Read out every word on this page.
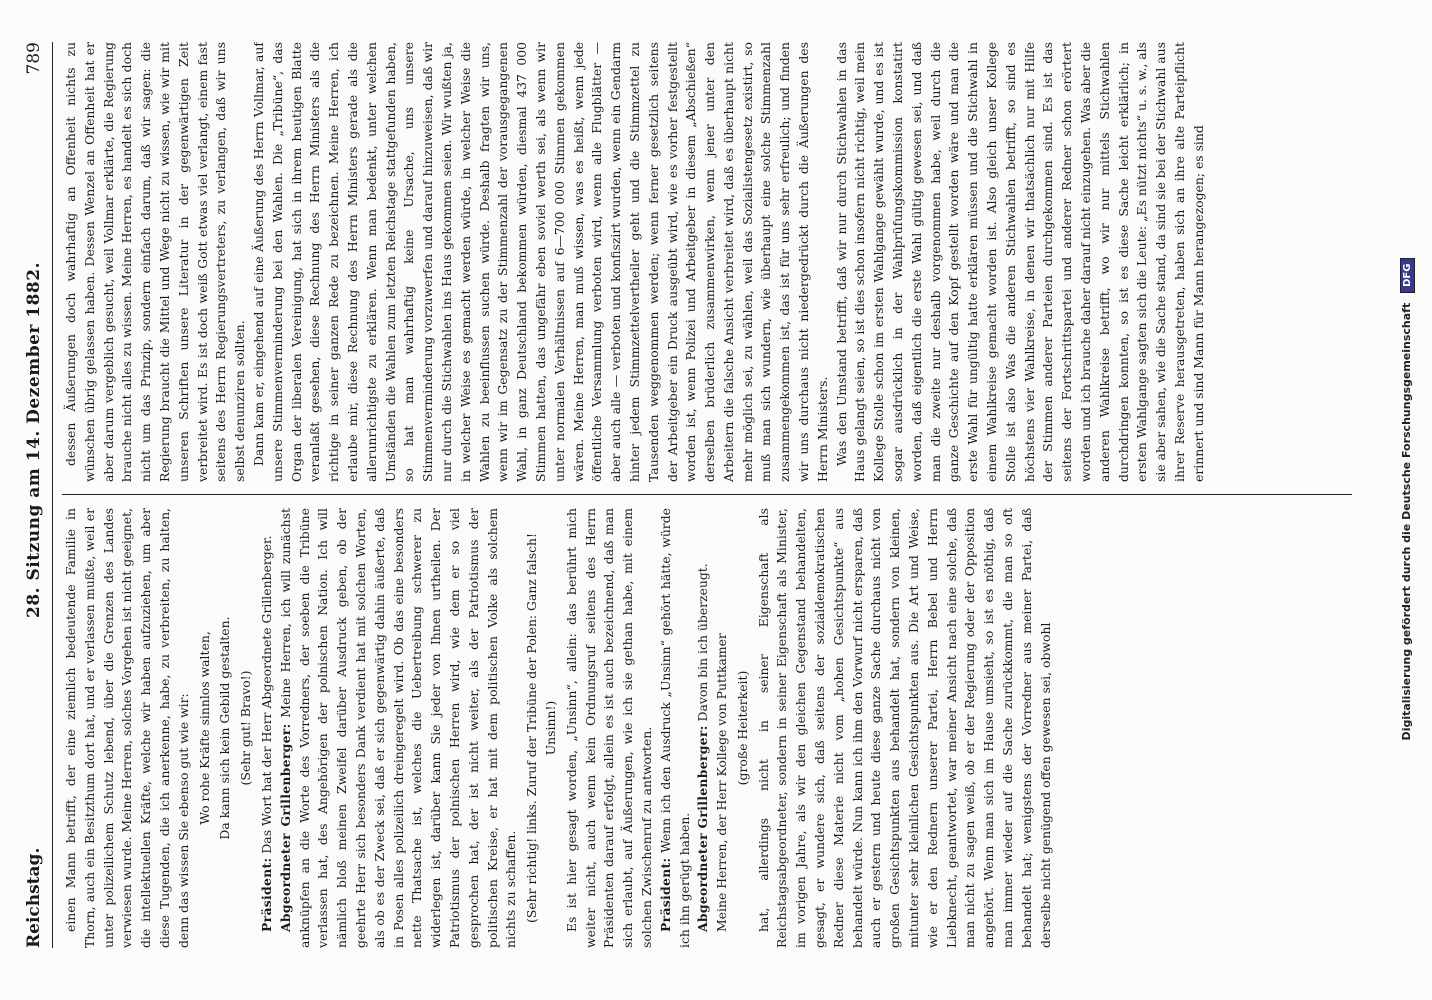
Reichstag.
28. Sitzung am 14. Dezember 1882.
789

einen Mann betrifft, der eine ziemlich bedeutende Familie in Thorn, auch ein Besitzthum dort hat, und er verlassen mußte, weil er unter polizeilichem Schutz lebend, über die Grenzen des Landes verwiesen wurde. Meine Herren, solches Vorgehen ist nicht geeignet, die intellektuellen Kräfte, welche wir haben aufzuziehen, um aber diese Tugenden, die ich anerkenne, habe, zu verbreiten, zu halten, denn das wissen Sie ebenso gut wie wir: Wo rohe Kräfte sinnlos walten, Da kann sich kein Gebild gestalten. (Sehr gut! Bravo!)

Präsident: Das Wort hat der Herr Abgeordnete Grillenberger. Abgeordneter Grillenberger: Meine Herren, ich will zunächst anknüpfen an die Worte des Vorredners, der soeben die Tribüne verlassen hat, des Angehörigen der polnischen Nation. Ich will nämlich bloß meinen Zweifel darüber Ausdruck geben, ob der geehrte Herr sich besonders Dank verdient hat mit solchen Worten, als ob es der Zweck sei, daß er sich gegenwärtig dahin äußerte, daß in Posen alles polizeilich dreingeregelt wird. Ob das eine besonders nette Thatsache ist, welches die Uebertreibung schwerer zu widerlegen ist, darüber kann Sie jeder von Ihnen urtheilen. Der Patriotismus der polnischen Herren wird, wie dem er so viel gesprochen hat, der ist nicht weiter, als der Patriotismus der politischen Kreise, er hat mit dem politischen Volke als solchem nichts zu schaffen. (Sehr richtig! links. Zuruf der Tribüne der Polen: Ganz falsch! Unsinn!) Es ist hier gesagt worden, „Unsinn“, allein: das berührt mich weiter nicht, auch wenn kein Ordnungsruf seitens des Herrn Präsidenten darauf erfolgt, allein es ist auch bezeichnend, daß man sich erlaubt, auf Äußerungen, wie ich sie gethan habe, mit einem solchen Zwischenruf zu antworten. Präsident: Wenn ich den Ausdruck „Unsinn“ gehört hätte, würde ich ihn gerügt haben. Abgeordneter Grillenberger: Davon bin ich überzeugt. Meine Herren, der Herr Kollege von Puttkamer (große Heiterkeit) hat, allerdings nicht in seiner Eigenschaft als Reichstagsabgeordneter, sondern in seiner Eigenschaft als Minister, im vorigen Jahre, als wir den gleichen Gegenstand behandelten, gesagt, er wundere sich, daß seitens der sozialdemokratischen Redner diese Materie nicht vom „hohen Gesichtspunkte“ aus behandelt würde. Nun kann ich ihm den Vorwurf nicht ersparen, daß auch er gestern und heute diese ganze Sache durchaus nicht von großen Gesichtspunkten aus behandelt hat, sondern von kleinen, mitunter sehr kleinlichen Gesichtspunkten aus. Die Art und Weise, wie er den Rednern unserer Partei, Herrn Bebel und Herrn Liebknecht, geantwortet, war meiner Ansicht nach eine solche, daß man nicht zu sagen weiß, ob er der Regierung oder der Opposition angehört. Wenn man sich im Hause umsieht, so ist es nöthig, daß man immer wieder auf die Sache zurückkommt, die man so oft behandelt hat; wenigstens der Vorredner aus meiner Partei, daß derselbe nicht genügend offen gewesen sei, obwohl

dessen Äußerungen doch wahrhaftig an Offenheit nichts zu wünschen übrig gelassen haben. Dessen Wenzel an Offenheit hat er aber darum vergeblich gesucht, weil Vollmar erklärte, die Regierung brauche nicht alles zu wissen. Meine Herren, es handelt es sich doch nicht um das Prinzip, sondern einfach darum, daß wir sagen: die Regierung braucht die Mittel und Wege nicht zu wissen, wie wir mit unseren Schriften unsere Literatur in der gegenwärtigen Zeit verbreitet wird. Es ist doch weiß Gott etwas viel verlangt, einem fast seitens des Herrn Regierungsvertreters, zu verlangen, daß wir uns selbst denunziren sollten. Dann kam er, eingehend auf eine Äußerung des Herrn Vollmar, auf unsere Stimmenverminderung bei den Wahlen. Die „Tribüne“, das Organ der liberalen Vereinigung, hat sich in ihrem heutigen Blatte veranlaßt gesehen, diese Rechnung des Herrn Ministers als die richtige in seiner ganzen Rede zu bezeichnen. Meine Herren, ich erlaube mir, diese Rechnung des Herrn Ministers gerade als die allerunrichtigste zu erklären. Wenn man bedenkt, unter welchen Umständen die Wahlen zum letzten Reichstage stattgefunden haben, so hat man wahrhaftig keine Ursache, uns unsere Stimmenverminderung vorzuwerfen und darauf hinzuweisen, daß wir nur durch die Stichwahlen ins Haus gekommen seien. Wir wußten ja, in welcher Weise es gemacht werden würde, in welcher Weise die Wahlen zu beeinflussen suchen würde. Deshalb fragten wir uns, wenn wir im Gegensatz zu der Stimmenzahl der vorausgegangenen Wahl, in ganz Deutschland bekommen würden, diesmal 437 000 Stimmen hatten, das ungefähr eben soviel werth sei, als wenn wir unter normalen Verhältnissen auf 6—700 000 Stimmen gekommen wären. Meine Herren, man muß wissen, was es heißt, wenn jede öffentliche Versammlung verboten wird, wenn alle Flugblätter — aber auch alle — verboten und konfiszirt wurden, wenn ein Gendarm hinter jedem Stimmzettelvertheiler geht und die Stimmzettel zu Tausenden weggenommen werden; wenn ferner gesetzlich seitens der Arbeitgeber ein Druck ausgeübt wird, wie es vorher festgestellt worden ist, wenn Polizei und Arbeitgeber in diesem „Abschießen“ derselben brüderlich zusammenwirken, wenn jener unter den Arbeitern die falsche Ansicht verbreitet wird, daß es überhaupt nicht mehr möglich sei, zu wählen, weil das Sozialistengesetz existirt, so muß man sich wundern, wie überhaupt eine solche Stimmenzahl zusammengekommen ist, das ist für uns sehr erfreulich; und finden wir uns durchaus nicht niedergedrückt durch die Äußerungen des Herrn Ministers. Was den Umstand betrifft, daß wir nur durch Stichwahlen in das Haus gelangt seien, so ist dies schon insofern nicht richtig, weil mein Kollege Stolle schon im ersten Wahlgange gewählt wurde, und es ist sogar ausdrücklich in der Wahlprüfungskommission konstatirt worden, daß eigentlich die erste Wahl gültig gewesen sei, und daß man die zweite nur deshalb vorgenommen habe, weil durch die ganze Geschichte auf den Kopf gestellt worden wäre und man die erste Wahl für ungültig hatte erklären müssen und die Stichwahl in einem Wahlkreise gemacht worden ist. Also gleich unser Kollege Stolle ist also Was die anderen Stichwahlen betrifft, so sind es höchstens vier Wahlkreise, in denen wir thatsächlich nur mit Hilfe der Stimmen anderer Parteien durchgekommen sind. Es ist das seitens der Fortschrittspartei und anderer Redner schon erörtert worden und ich brauche daher darauf nicht einzugehen. Was aber die anderen Wahlkreise betrifft, wo wir nur mittels Stichwahlen durchdringen konnten, so ist es diese Sache leicht erklärlich; in ersten Wahlgange sagten sich die Leute: „Es nützt nichts“ u. s. w., als sie aber sahen, wie die Sache stand, da sind sie bei der Stichwahl aus ihrer Reserve herausgetreten, haben sich an ihre alte Parteipflicht erinnert und sind Mann für Mann herangezogen; es sind	Digitalisierung gefördert durch die Deutsche Forschungsgemeinschaft DFG
